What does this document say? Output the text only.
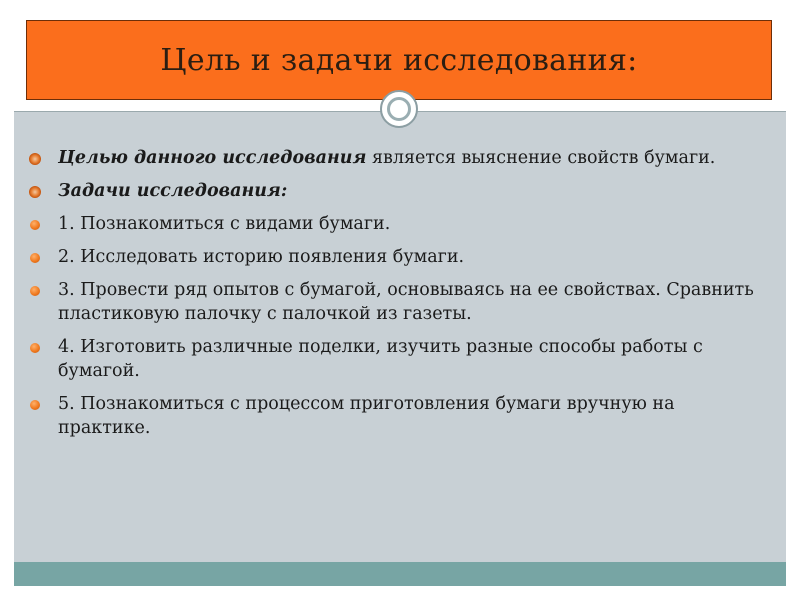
Цель и задачи исследования:
Целью данного исследования является выяснение свойств бумаги.
Задачи исследования:
1. Познакомиться с видами бумаги.
2. Исследовать историю появления бумаги.
3. Провести ряд опытов с бумагой, основываясь на ее свойствах. Сравнить пластиковую палочку с палочкой из газеты.
4. Изготовить различные поделки, изучить разные способы работы с бумагой.
5. Познакомиться с процессом приготовления бумаги вручную на практике.
